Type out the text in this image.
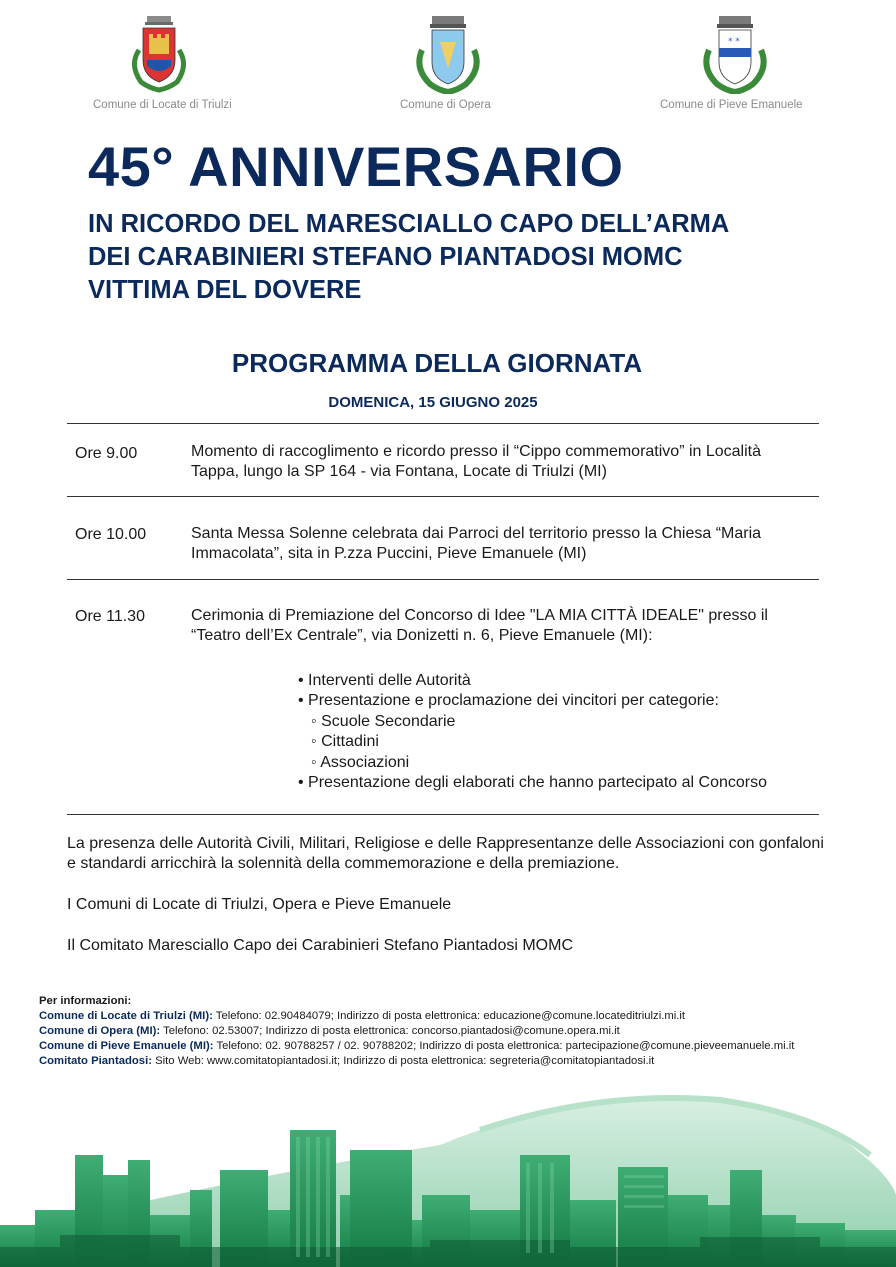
Comune di Locate di Triulzi	Comune di Opera
* *
Comune di Pieve Emanuele
45° ANNIVERSARIO
IN RICORDO DEL MARESCIALLO CAPO DELL’ARMA
DEI CARABINIERI STEFANO PIANTADOSI MOMC
VITTIMA DEL DOVERE
PROGRAMMA DELLA GIORNATA
DOMENICA, 15 GIUGNO 2025
Ore 9.00	Momento di raccoglimento e ricordo presso il “Cippo commemorativo” in Località Tappa, lungo la SP 164 - via Fontana, Locate di Triulzi (MI)
Ore 10.00	Santa Messa Solenne celebrata dai Parroci del territorio presso la Chiesa “Maria Immacolata”, sita in P.zza Puccini, Pieve Emanuele (MI)
Ore 11.30	Cerimonia di Premiazione del Concorso di Idee "LA MIA CITTÀ IDEALE" presso il “Teatro dell’Ex Centrale”, via Donizetti n. 6, Pieve Emanuele (MI):
• Interventi delle Autorità
• Presentazione e proclamazione dei vincitori per categorie:
◦ Scuole Secondarie
◦ Cittadini
◦ Associazioni
• Presentazione degli elaborati che hanno partecipato al Concorso
La presenza delle Autorità Civili, Militari, Religiose e delle Rappresentanze delle Associazioni con gonfaloni e standardi arricchirà la solennità della commemorazione e della premiazione.
I Comuni di Locate di Triulzi, Opera e Pieve Emanuele
Il Comitato Maresciallo Capo dei Carabinieri Stefano Piantadosi MOMC
Per informazioni:
Comune di Locate di Triulzi (MI): Telefono: 02.90484079; Indirizzo di posta elettronica: educazione@comune.locateditriulzi.mi.it
Comune di Opera (MI): Telefono: 02.53007; Indirizzo di posta elettronica: concorso.piantadosi@comune.opera.mi.it
Comune di Pieve Emanuele (MI): Telefono: 02. 90788257 / 02. 90788202; Indirizzo di posta elettronica: partecipazione@comune.pieveemanuele.mi.it
Comitato Piantadosi: Sito Web: www.comitatopiantadosi.it; Indirizzo di posta elettronica: segreteria@comitatopiantadosi.it
